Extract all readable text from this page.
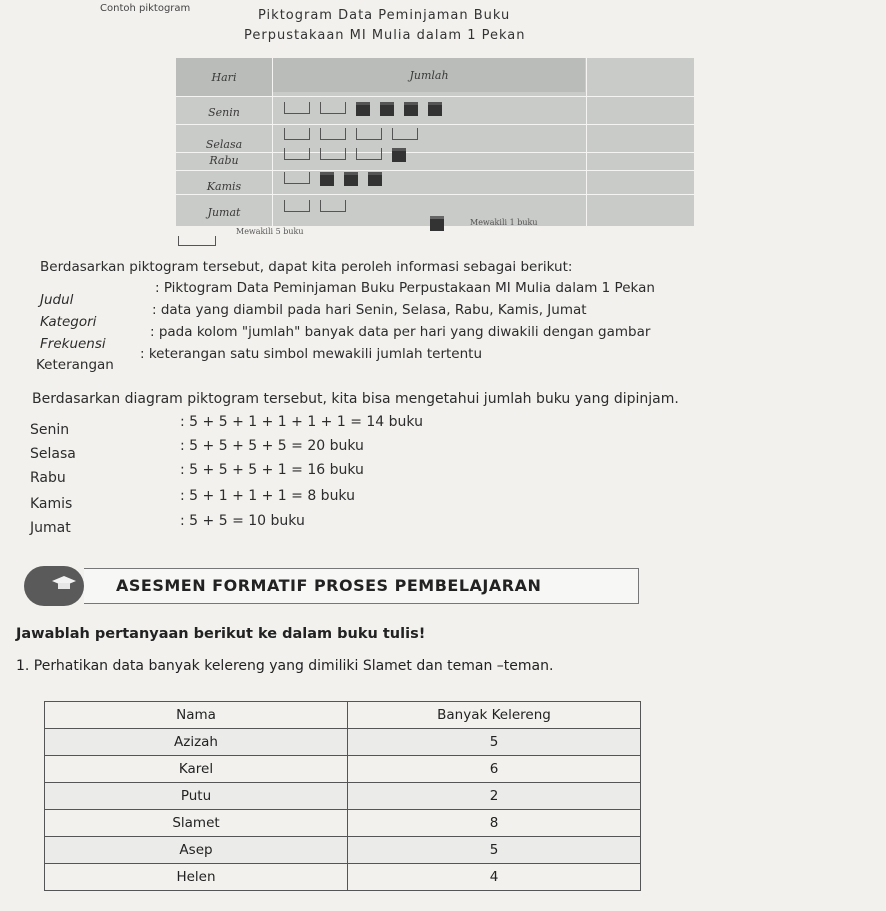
Contoh piktogram	Piktogram Data Peminjaman Buku
Perpustakaan MI Mulia dalam 1 Pekan
Hari	Jumlah
Senin
Selasa
Rabu
Kamis
Jumat
Mewakili 5 buku
Mewakili 1 buku
Berdasarkan piktogram tersebut, dapat kita peroleh informasi sebagai berikut:
Judul
: Piktogram Data Peminjaman Buku Perpustakaan MI Mulia dalam 1 Pekan
Kategori
: data yang diambil pada hari Senin, Selasa, Rabu, Kamis, Jumat
Frekuensi
: pada kolom "jumlah" banyak data per hari yang diwakili dengan gambar
Keterangan
: keterangan satu simbol mewakili jumlah tertentu
Berdasarkan diagram piktogram tersebut, kita bisa mengetahui jumlah buku yang dipinjam.
Senin	: 5 + 5 + 1 + 1 + 1 + 1 = 14 buku
Selasa	: 5 + 5 + 5 + 5 = 20 buku
Rabu	: 5 + 5 + 5 + 1 = 16 buku
Kamis	: 5 + 1 + 1 + 1 = 8 buku
Jumat	: 5 + 5 = 10 buku
ASESMEN FORMATIF PROSES PEMBELAJARAN
Jawablah pertanyaan berikut ke dalam buku tulis!
1. Perhatikan data banyak kelereng yang dimiliki Slamet dan teman –teman.
Nama	Banyak Kelereng
Azizah	5
Karel	6
Putu	2
Slamet	8
Asep	5
Helen	4
